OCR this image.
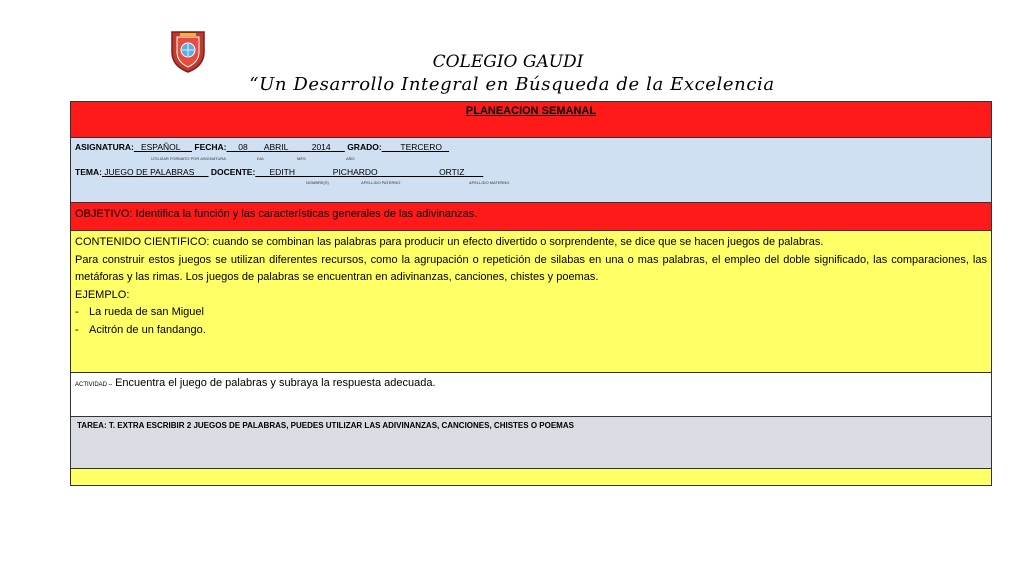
COLEGIO GAUDI
“Un Desarrollo Integral en Búsqueda de la Excelencia
PLANEACION SEMANAL
ASIGNATURA: ESPAÑOL FECHA: 08 ABRIL	2014 GRADO: TERCERO
UTILIZAR FORMATO POR ASIGNATURA	DIA	MES	AÑO
TEMA: JUEGO DE PALABRAS DOCENTE: EDITH	PICHARDO	ORTIZ
NOMBRE(S)	APELLIDO PATERNO	APELLIDO MATERNO
OBJETIVO: Identifica la función y las características generales de las adivinanzas.
CONTENIDO CIENTIFICO: cuando se combinan las palabras para producir un efecto divertido o sorprendente, se dice que se hacen juegos de palabras.
Para construir estos juegos se utilizan diferentes recursos, como la agrupación o repetición de silabas en una o mas palabras, el empleo del doble significado, las comparaciones, las metáforas y las rimas. Los juegos de palabras se encuentran en adivinanzas, canciones, chistes y poemas.
EJEMPLO:
- La rueda de san Miguel
- Acitrón de un fandango.
ACTIVIDAD – Encuentra el juego de palabras y subraya la respuesta adecuada.
TAREA: T. EXTRA ESCRIBIR 2 JUEGOS DE PALABRAS, PUEDES UTILIZAR LAS ADIVINANZAS, CANCIONES, CHISTES O POEMAS
